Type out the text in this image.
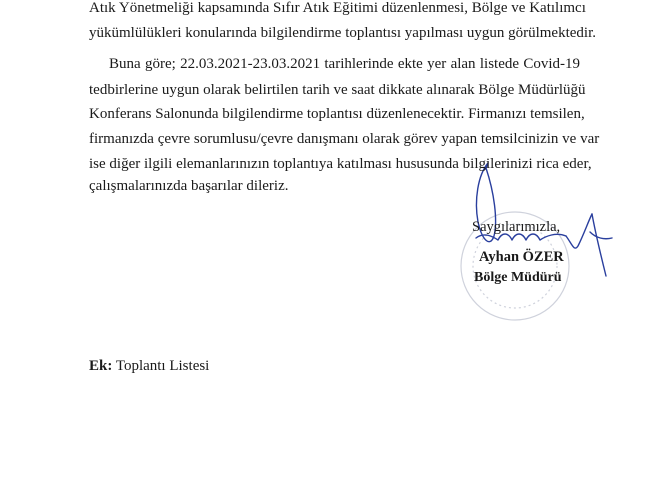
Atık Yönetmeliği kapsamında Sıfır Atık Eğitimi düzenlenmesi, Bölge ve Katılımcı
yükümlülükleri konularında bilgilendirme toplantısı yapılması uygun görülmektedir.
Buna göre; 22.03.2021-23.03.2021 tarihlerinde ekte yer alan listede Covid-19
tedbirlerine uygun olarak belirtilen tarih ve saat dikkate alınarak Bölge Müdürlüğü
Konferans Salonunda bilgilendirme toplantısı düzenlenecektir. Firmanızı temsilen,
firmanızda çevre sorumlusu/çevre danışmanı olarak görev yapan temsilcinizin ve var
ise diğer ilgili elemanlarınızın toplantıya katılması hususunda bilgilerinizi rica eder,
çalışmalarınızda başarılar dileriz.
Saygılarımızla,
Ayhan ÖZER
Bölge Müdürü
Ek: Toplantı Listesi
